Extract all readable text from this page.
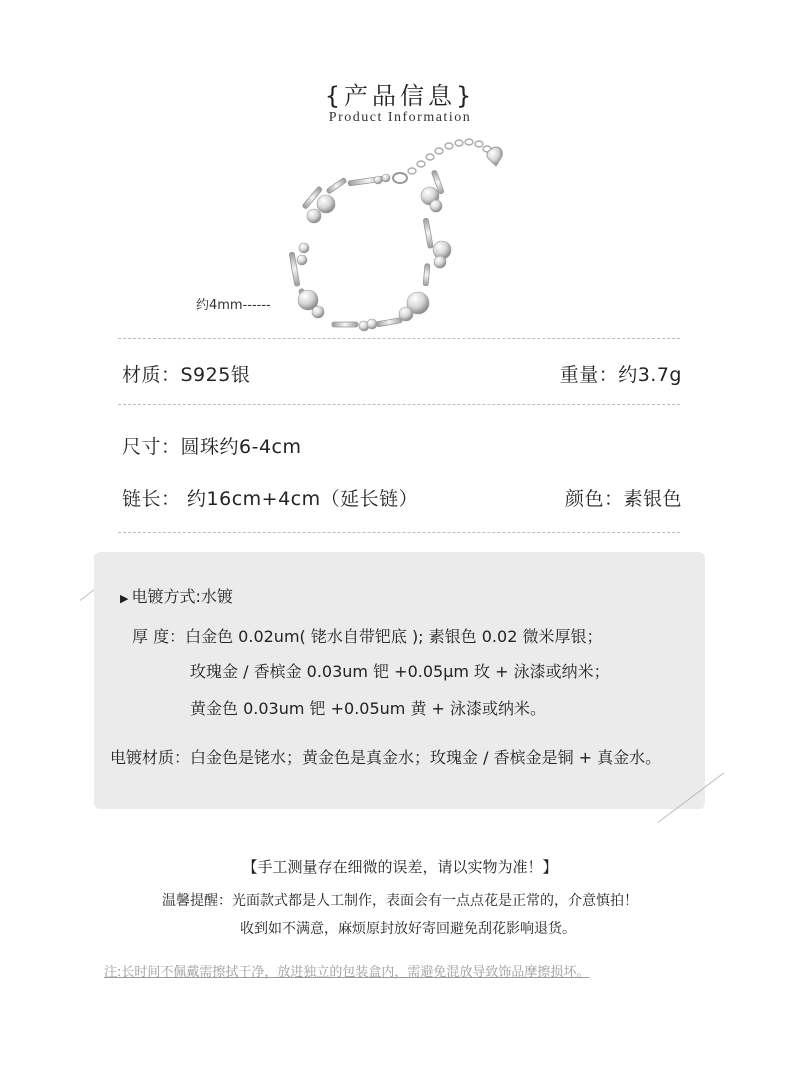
{产品信息}
Product Information
约4mm------
材质：S925银	重量：约3.7g
尺寸：圆珠约6-4cm
链长： 约16cm+4cm（延长链）	颜色：素银色
▶ 电镀方式:水镀
厚 度：白金色 0.02um( 铑水自带钯底 ); 素银色 0.02 微米厚银；
玫瑰金 / 香槟金 0.03um 钯 +0.05μm 玫 + 泳漆或纳米；
黄金色 0.03um 钯 +0.05um 黄 + 泳漆或纳米。
电镀材质：白金色是铑水；黄金色是真金水；玫瑰金 / 香槟金是铜 + 真金水。
【手工测量存在细微的误差，请以实物为准！】
温馨提醒：光面款式都是人工制作，表面会有一点点花是正常的，介意慎拍！
收到如不满意，麻烦原封放好寄回避免刮花影响退货。
注:长时间不佩戴需擦拭干净，放进独立的包装盒内，需避免混放导致饰品摩擦损坏。
